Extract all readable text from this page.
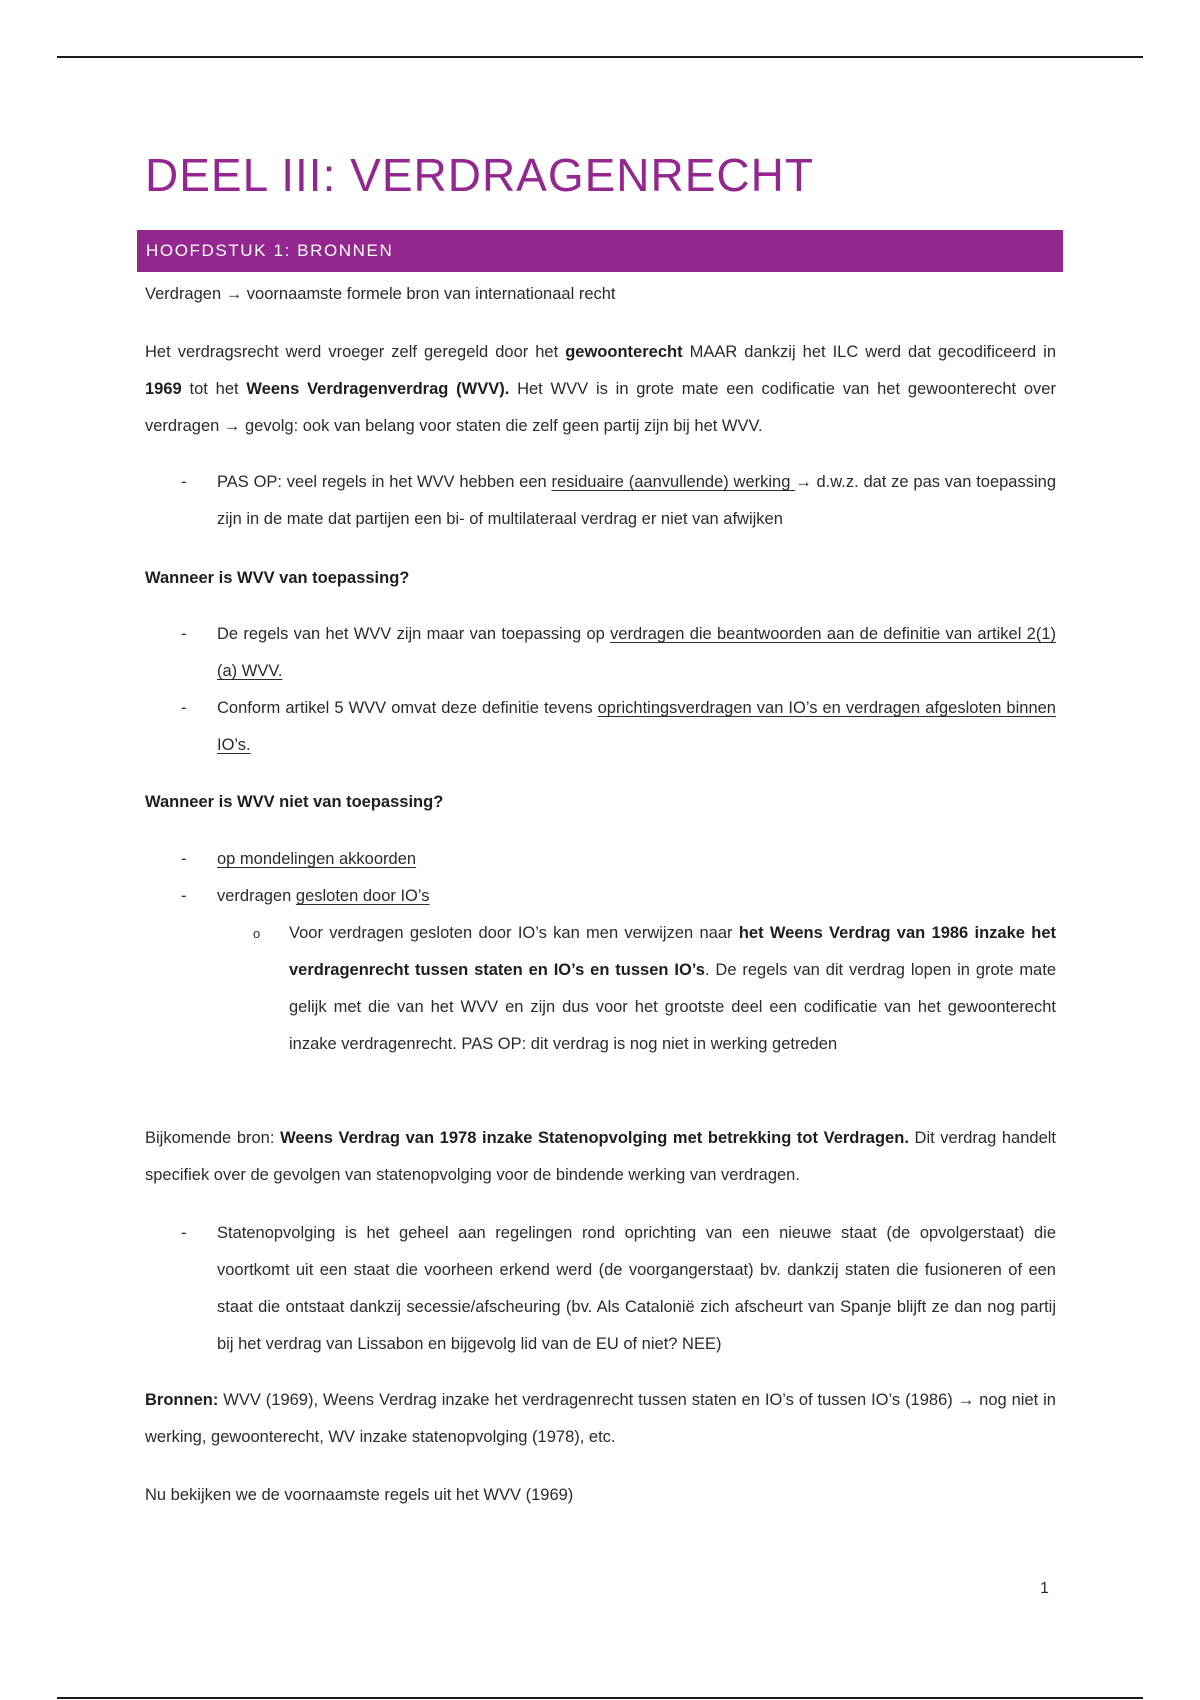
DEEL III: VERDRAGENRECHT
HOOFDSTUK 1: BRONNEN

Verdragen → voornaamste formele bron van internationaal recht

Het verdragsrecht werd vroeger zelf geregeld door het gewoonterecht MAAR dankzij het ILC werd dat gecodificeerd in 1969 tot het Weens Verdragenverdrag (WVV). Het WVV is in grote mate een codificatie van het gewoonterecht over verdragen → gevolg: ook van belang voor staten die zelf geen partij zijn bij het WVV.

- PAS OP: veel regels in het WVV hebben een residuaire (aanvullende) werking → d.w.z. dat ze pas van toepassing zijn in de mate dat partijen een bi- of multilateraal verdrag er niet van afwijken

Wanneer is WVV van toepassing?

- De regels van het WVV zijn maar van toepassing op verdragen die beantwoorden aan de definitie van artikel 2(1) (a) WVV.
- Conform artikel 5 WVV omvat deze definitie tevens oprichtingsverdragen van IO’s en verdragen afgesloten binnen IO’s.

Wanneer is WVV niet van toepassing?

- op mondelingen akkoorden
- verdragen gesloten door IO’s
o Voor verdragen gesloten door IO’s kan men verwijzen naar het Weens Verdrag van 1986 inzake het verdragenrecht tussen staten en IO’s en tussen IO’s. De regels van dit verdrag lopen in grote mate gelijk met die van het WVV en zijn dus voor het grootste deel een codificatie van het gewoonterecht inzake verdragenrecht. PAS OP: dit verdrag is nog niet in werking getreden

Bijkomende bron: Weens Verdrag van 1978 inzake Statenopvolging met betrekking tot Verdragen. Dit verdrag handelt specifiek over de gevolgen van statenopvolging voor de bindende werking van verdragen.

- Statenopvolging is het geheel aan regelingen rond oprichting van een nieuwe staat (de opvolgerstaat) die voortkomt uit een staat die voorheen erkend werd (de voorgangerstaat) bv. dankzij staten die fusioneren of een staat die ontstaat dankzij secessie/afscheuring (bv. Als Catalonië zich afscheurt van Spanje blijft ze dan nog partij bij het verdrag van Lissabon en bijgevolg lid van de EU of niet? NEE)

Bronnen: WVV (1969), Weens Verdrag inzake het verdragenrecht tussen staten en IO’s of tussen IO’s (1986) → nog niet in werking, gewoonterecht, WV inzake statenopvolging (1978), etc.

Nu bekijken we de voornaamste regels uit het WVV (1969)

1
